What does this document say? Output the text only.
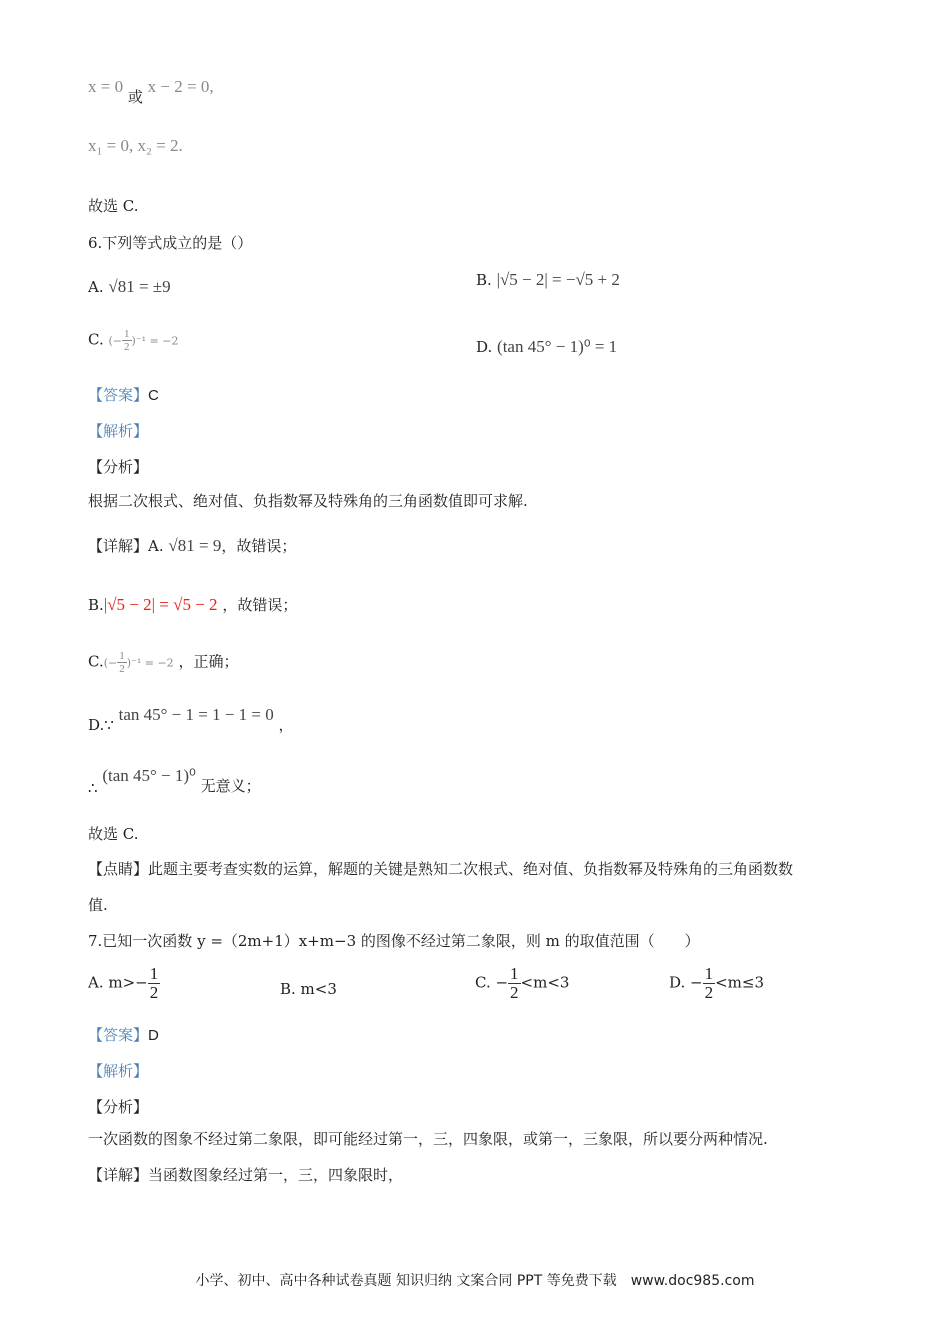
x = 0 或 x − 2 = 0,
x₁ = 0, x₂ = 2.
故选 C.
6.下列等式成立的是（）
A. √81 = ±9	B. |√5 − 2| = −√5 + 2
C. (− $\frac{1}{2} )^{-1} = -2$	D. (tan 45° − 1)⁰ = 1
【答案】C
【解析】
【分析】
根据二次根式、绝对值、负指数幂及特殊角的三角函数值即可求解.
【详解】A. √81 = 9，故错误；
B.|√5 − 2| = √5 − 2 ，故错误；
$C.(- \frac{1}{2} )^{-1} = -2$ ，正确；
D.∵ tan 45° − 1 = 1 − 1 = 0 ，
∴ (tan 45° − 1)⁰ 无意义；
故选 C.
【点睛】此题主要考查实数的运算，解题的关键是熟知二次根式、绝对值、负指数幂及特殊角的三角函数数
值.
7.已知一次函数 y =（2m+1）x+m−3 的图像不经过第二象限，则 m 的取值范围（　　）
A. $m>- \frac{1}{2}$	B. m<3	C. − $\frac{1}{2} <m<3$	D. − $\frac{1}{2} <m\le 3$
【答案】D
【解析】
【分析】
一次函数的图象不经过第二象限，即可能经过第一，三，四象限，或第一，三象限，所以要分两种情况.
【详解】当函数图象经过第一，三，四象限时，
小学、初中、高中各种试卷真题 知识归纳 文案合同 PPT 等免费下载　www.doc985.com
